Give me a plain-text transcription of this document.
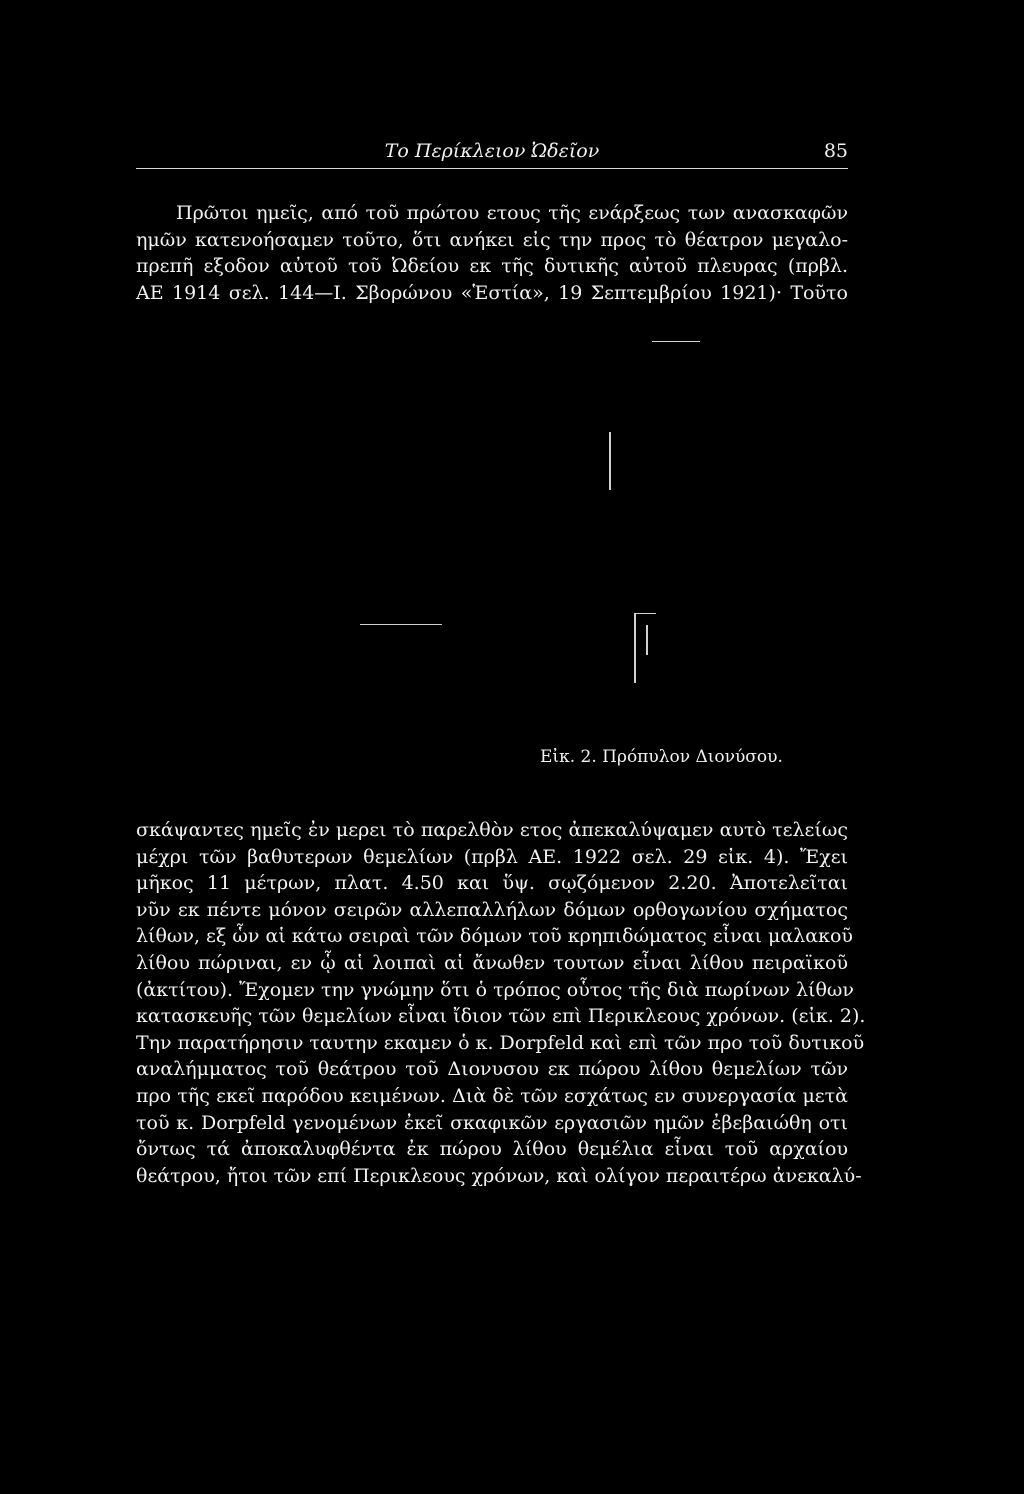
Το Περίκλειον Ὠδεῖον	85
Πρῶτοι ημεῖς, από τοῦ πρώτου ετους τῆς ενάρξεως των ανασκαφῶν
ημῶν κατενοήσαμεν τοῦτο, ὅτι ανήκει εἰς την προς τὸ θέατρον μεγαλο-
πρεπῆ εξοδον αὐτοῦ τοῦ Ὠδείου εκ τῆς δυτικῆς αὐτοῦ πλευρας (πρβλ.
ΑΕ 1914 σελ. 144—Ι. Σβορώνου «Ἑστία», 19 Σεπτεμβρίου 1921)· Τοῦτο
Εἰκ. 2. Πρόπυλον Διονύσου.
σκάψαντες ημεῖς ἐν μερει τὸ παρελθὸν ετος ἀπεκαλύψαμεν αυτὸ τελείως
μέχρι τῶν βαθυτερων θεμελίων (πρβλ ΑΕ. 1922 σελ. 29 εἰκ. 4). Ἔχει
μῆκος 11 μέτρων, πλατ. 4.50 και ὕψ. σῳζόμενον 2.20. Ἀποτελεῖται
νῦν εκ πέντε μόνον σειρῶν αλλεπαλλήλων δόμων ορθογωνίου σχήματος
λίθων, εξ ὧν αἱ κάτω σειραὶ τῶν δόμων τοῦ κρηπιδώματος εἶναι μαλακοῦ
λίθου πώριναι, εν ᾧ αἱ λοιπαὶ αἱ ἄνωθεν τουτων εἶναι λίθου πειραϊκοῦ
(ἀκτίτου). Ἔχομεν την γνώμην ὅτι ὁ τρόπος οὗτος τῆς διὰ πωρίνων λίθων
κατασκευῆς τῶν θεμελίων εἶναι ἴδιον τῶν επὶ Περικλεους χρόνων. (εἰκ. 2).
Την παρατήρησιν ταυτην εκαμεν ὁ κ. Dorpfeld καὶ επὶ τῶν προ τοῦ δυτικοῦ
αναλήμματος τοῦ θεάτρου τοῦ Διονυσου εκ πώρου λίθου θεμελίων τῶν
προ τῆς εκεῖ παρόδου κειμένων. Διὰ δὲ τῶν εσχάτως εν συνεργασία μετὰ
τοῦ κ. Dorpfeld γενομένων ἐκεῖ σκαφικῶν εργασιῶν ημῶν ἐβεβαιώθη οτι
ὄντως τά ἀποκαλυφθέντα ἐκ πώρου λίθου θεμέλια εἶναι τοῦ αρχαίου
θεάτρου, ἤτοι τῶν επί Περικλεους χρόνων, καὶ ολίγον περαιτέρω ἀνεκαλύ-
